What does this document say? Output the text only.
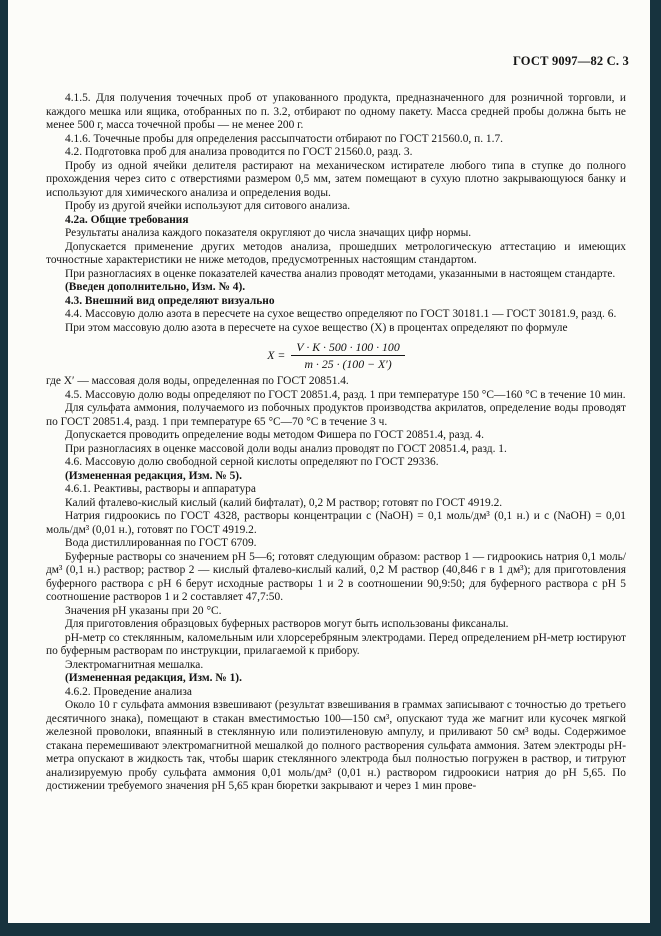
ГОСТ 9097—82 С. 3

4.1.5. Для получения точечных проб от упакованного продукта, предназначенного для розничной торговли, и каждого мешка или ящика, отобранных по п. 3.2, отбирают по одному пакету. Масса средней пробы должна быть не менее 500 г, масса точечной пробы — не менее 200 г.

4.1.6. Точечные пробы для определения рассыпчатости отбирают по ГОСТ 21560.0, п. 1.7.

4.2. Подготовка проб для анализа проводится по ГОСТ 21560.0, разд. 3.

Пробу из одной ячейки делителя растирают на механическом истирателе любого типа в ступке до полного прохождения через сито с отверстиями размером 0,5 мм, затем помещают в сухую плотно закрывающуюся банку и используют для химического анализа и определения воды.

Пробу из другой ячейки используют для ситового анализа.

4.2а. Общие требования

Результаты анализа каждого показателя округляют до числа значащих цифр нормы.

Допускается применение других методов анализа, прошедших метрологическую аттестацию и имеющих точностные характеристики не ниже методов, предусмотренных настоящим стандартом.

При разногласиях в оценке показателей качества анализ проводят методами, указанными в настоящем стандарте.

(Введен дополнительно, Изм. № 4).

4.3. Внешний вид определяют визуально

4.4. Массовую долю азота в пересчете на сухое вещество определяют по ГОСТ 30181.1 — ГОСТ 30181.9, разд. 6.

При этом массовую долю азота в пересчете на сухое вещество (X) в процентах определяют по формуле

$X = \frac{V \cdot K \cdot 500 \cdot 100 \cdot 100}{m \cdot 25 \cdot (100 - X')}$

где X′ — массовая доля воды, определенная по ГОСТ 20851.4.

4.5. Массовую долю воды определяют по ГОСТ 20851.4, разд. 1 при температуре 150 °С—160 °С в течение 10 мин.

Для сульфата аммония, получаемого из побочных продуктов производства акрилатов, определение воды проводят по ГОСТ 20851.4, разд. 1 при температуре 65 °С—70 °С в течение 3 ч.

Допускается проводить определение воды методом Фишера по ГОСТ 20851.4, разд. 4.

При разногласиях в оценке массовой доли воды анализ проводят по ГОСТ 20851.4, разд. 1.

4.6. Массовую долю свободной серной кислоты определяют по ГОСТ 29336.

(Измененная редакция, Изм. № 5).

4.6.1. Реактивы, растворы и аппаратура

Калий фталево-кислый кислый (калий бифталат), 0,2 М раствор; готовят по ГОСТ 4919.2.

Натрия гидроокись по ГОСТ 4328, растворы концентрации с (NaOH) = 0,1 моль/дм³ (0,1 н.) и с (NaOH) = 0,01 моль/дм³ (0,01 н.), готовят по ГОСТ 4919.2.

Вода дистиллированная по ГОСТ 6709.

Буферные растворы со значением рН 5—6; готовят следующим образом: раствор 1 — гидроокись натрия 0,1 моль/дм³ (0,1 н.) раствор; раствор 2 — кислый фталево-кислый калий, 0,2 М раствор (40,846 г в 1 дм³); для приготовления буферного раствора с рН 6 берут исходные растворы 1 и 2 в соотношении 90,9:50; для буферного раствора с рН 5 соотношение растворов 1 и 2 составляет 47,7:50.

Значения рН указаны при 20 °С.

Для приготовления образцовых буферных растворов могут быть использованы фиксаналы.

рН-метр со стеклянным, каломельным или хлорсеребряным электродами. Перед определением рН-метр юстируют по буферным растворам по инструкции, прилагаемой к прибору.

Электромагнитная мешалка.

(Измененная редакция, Изм. № 1).

4.6.2. Проведение анализа

Около 10 г сульфата аммония взвешивают (результат взвешивания в граммах записывают с точностью до третьего десятичного знака), помещают в стакан вместимостью 100—150 см³, опускают туда же магнит или кусочек мягкой железной проволоки, впаянный в стеклянную или полиэтиленовую ампулу, и приливают 50 см³ воды. Содержимое стакана перемешивают электромагнитной мешалкой до полного растворения сульфата аммония. Затем электроды рН-метра опускают в жидкость так, чтобы шарик стеклянного электрода был полностью погружен в раствор, и титруют анализируемую пробу сульфата аммония 0,01 моль/дм³ (0,01 н.) раствором гидроокиси натрия до рН 5,65. По достижении требуемого значения рН 5,65 кран бюретки закрывают и через 1 мин прове-
